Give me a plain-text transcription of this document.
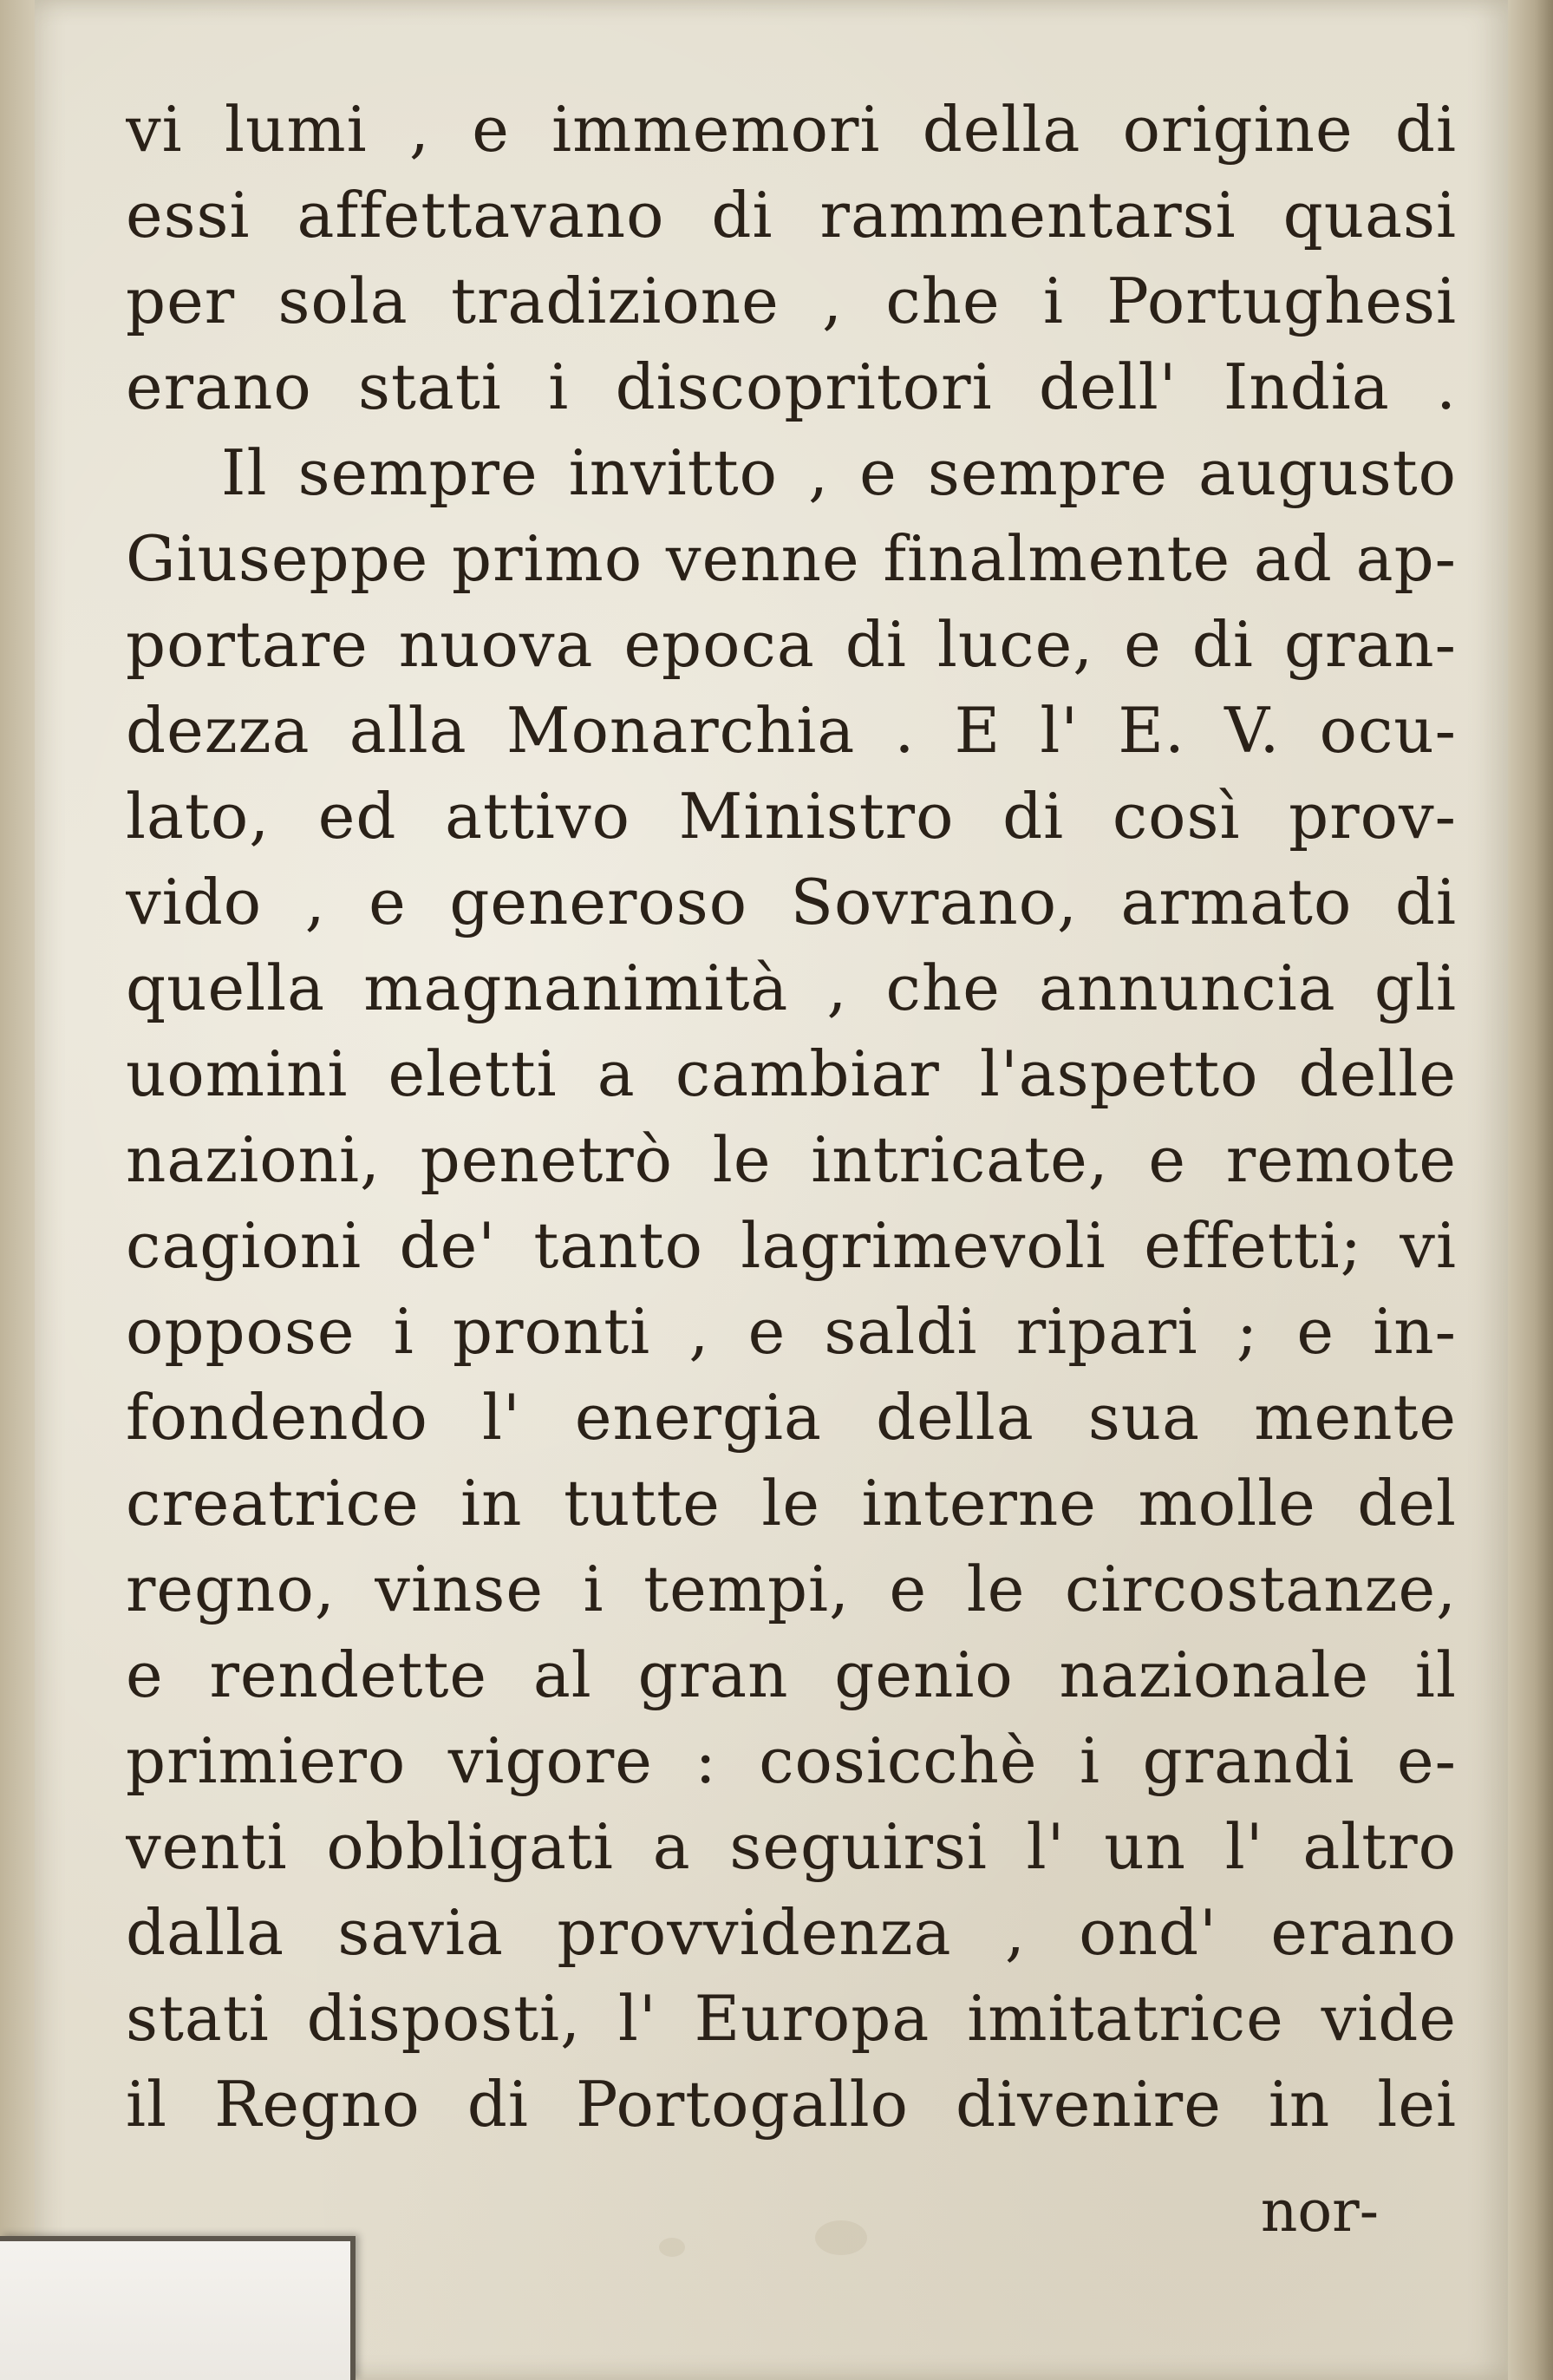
vi lumi , e immemori della origine di
essi affettavano di rammentarsi quasi
per sola tradizione , che i Portughesi
erano stati i discopritori dell' India .
Il sempre invitto , e sempre augusto
Giuseppe primo venne finalmente ad ap-
portare nuova epoca di luce, e di gran-
dezza alla Monarchia . E l' E. V. ocu-
lato, ed attivo Ministro di così prov-
vido , e generoso Sovrano, armato di
quella magnanimità , che annuncia gli
uomini eletti a cambiar l'aspetto delle
nazioni, penetrò le intricate, e remote
cagioni de' tanto lagrimevoli effetti; vi
oppose i pronti , e saldi ripari ; e in-
fondendo l' energia della sua mente
creatrice in tutte le interne molle del
regno, vinse i tempi, e le circostanze,
e rendette al gran genio nazionale il
primiero vigore : cosicchè i grandi e-
venti obbligati a seguirsi l' un l' altro
dalla savia provvidenza , ond' erano
stati disposti, l' Europa imitatrice vide
il Regno di Portogallo divenire in lei
nor-
